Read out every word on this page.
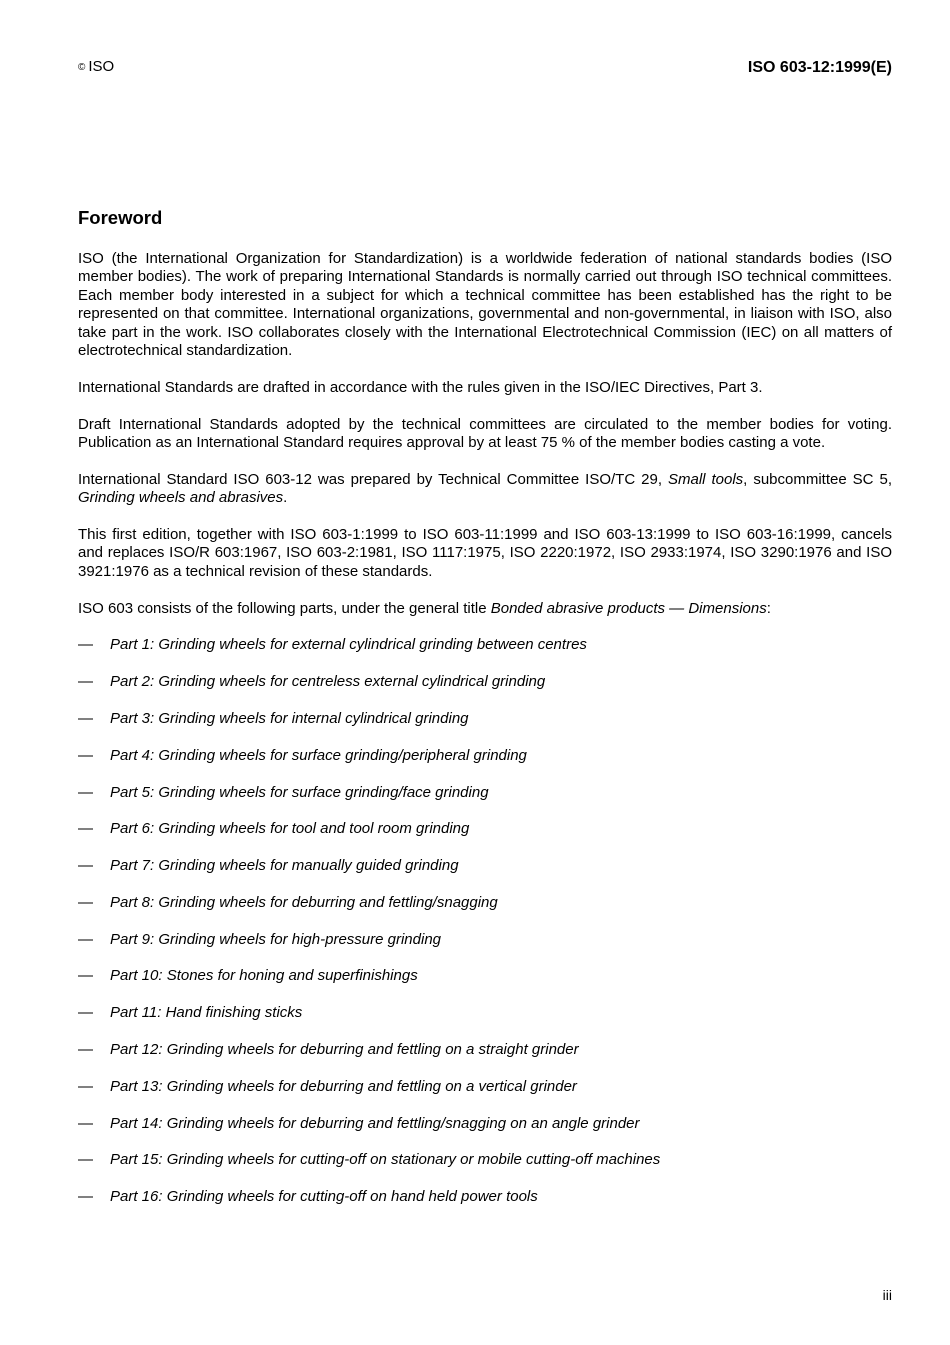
© ISO	ISO 603-12:1999(E)
Foreword

ISO (the International Organization for Standardization) is a worldwide federation of national standards bodies (ISO member bodies). The work of preparing International Standards is normally carried out through ISO technical committees. Each member body interested in a subject for which a technical committee has been established has the right to be represented on that committee. International organizations, governmental and non-governmental, in liaison with ISO, also take part in the work. ISO collaborates closely with the International Electrotechnical Commission (IEC) on all matters of electrotechnical standardization.

International Standards are drafted in accordance with the rules given in the ISO/IEC Directives, Part 3.

Draft International Standards adopted by the technical committees are circulated to the member bodies for voting. Publication as an International Standard requires approval by at least 75 % of the member bodies casting a vote.

International Standard ISO 603-12 was prepared by Technical Committee ISO/TC 29, Small tools, subcommittee SC 5, Grinding wheels and abrasives.

This first edition, together with ISO 603-1:1999 to ISO 603-11:1999 and ISO 603-13:1999 to ISO 603-16:1999, cancels and replaces ISO/R 603:1967, ISO 603-2:1981, ISO 1117:1975, ISO 2220:1972, ISO 2933:1974, ISO 3290:1976 and ISO 3921:1976 as a technical revision of these standards.

ISO 603 consists of the following parts, under the general title Bonded abrasive products — Dimensions:

— Part 1: Grinding wheels for external cylindrical grinding between centres
— Part 2: Grinding wheels for centreless external cylindrical grinding
— Part 3: Grinding wheels for internal cylindrical grinding
— Part 4: Grinding wheels for surface grinding/peripheral grinding
— Part 5: Grinding wheels for surface grinding/face grinding
— Part 6: Grinding wheels for tool and tool room grinding
— Part 7: Grinding wheels for manually guided grinding
— Part 8: Grinding wheels for deburring and fettling/snagging
— Part 9: Grinding wheels for high-pressure grinding
— Part 10: Stones for honing and superfinishings
— Part 11: Hand finishing sticks
— Part 12: Grinding wheels for deburring and fettling on a straight grinder
— Part 13: Grinding wheels for deburring and fettling on a vertical grinder
— Part 14: Grinding wheels for deburring and fettling/snagging on an angle grinder
— Part 15: Grinding wheels for cutting-off on stationary or mobile cutting-off machines
— Part 16: Grinding wheels for cutting-off on hand held power tools
iii
